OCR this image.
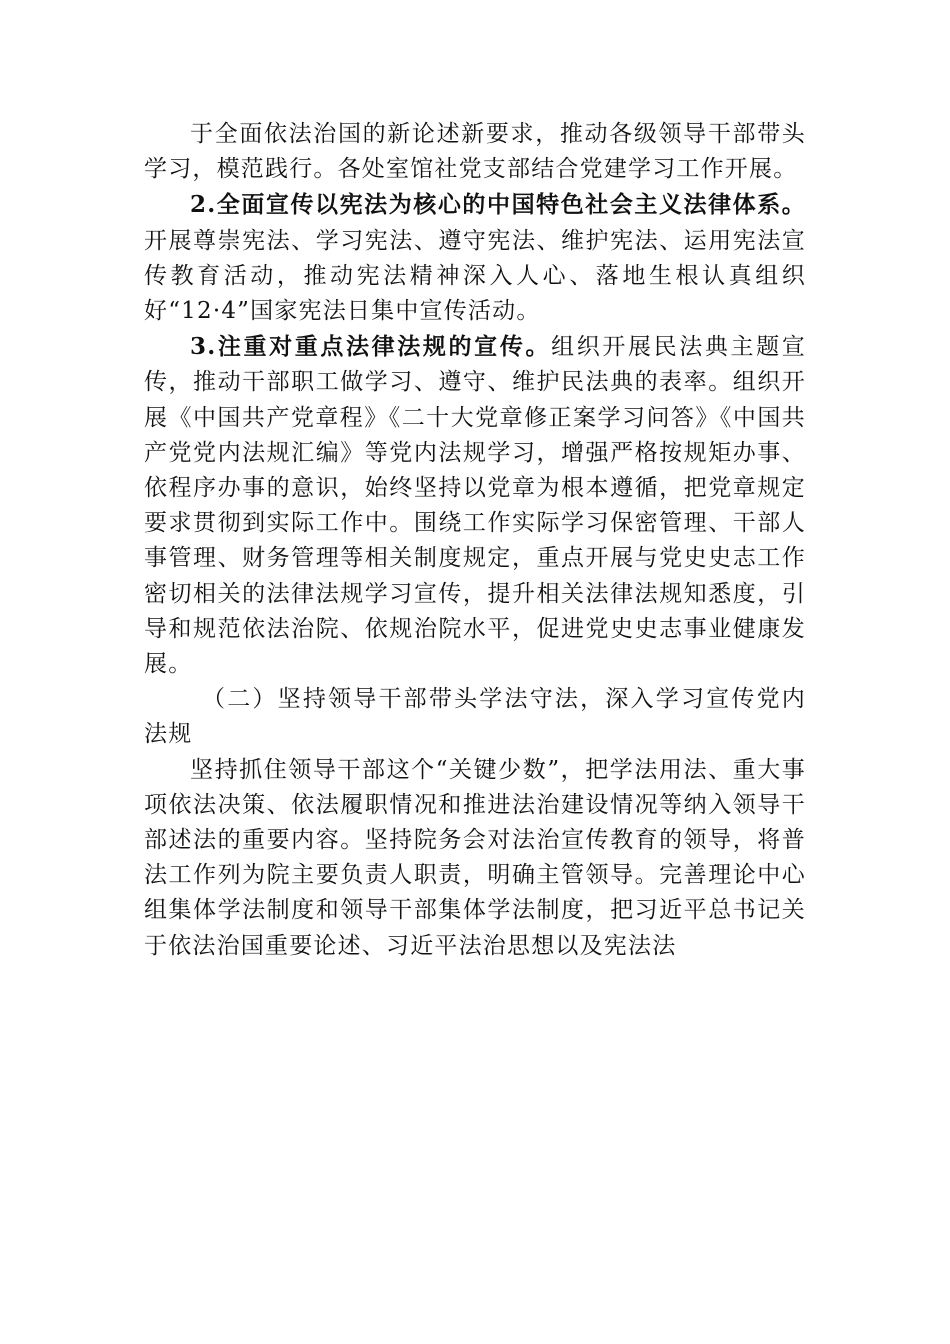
于全面依法治国的新论述新要求，推动各级领导干部带头学习，模范践行。各处室馆社党支部结合党建学习工作开展。

2.全面宣传以宪法为核心的中国特色社会主义法律体系。开展尊崇宪法、学习宪法、遵守宪法、维护宪法、运用宪法宣传教育活动，推动宪法精神深入人心、落地生根认真组织好“12·4”国家宪法日集中宣传活动。

3.注重对重点法律法规的宣传。组织开展民法典主题宣传，推动干部职工做学习、遵守、维护民法典的表率。组织开展《中国共产党章程》《二十大党章修正案学习问答》《中国共产党党内法规汇编》等党内法规学习，增强严格按规矩办事、依程序办事的意识，始终坚持以党章为根本遵循，把党章规定要求贯彻到实际工作中。围绕工作实际学习保密管理、干部人事管理、财务管理等相关制度规定，重点开展与党史史志工作密切相关的法律法规学习宣传，提升相关法律法规知悉度，引导和规范依法治院、依规治院水平，促进党史史志事业健康发展。

（二）坚持领导干部带头学法守法，深入学习宣传党内法规

坚持抓住领导干部这个“关键少数”，把学法用法、重大事项依法决策、依法履职情况和推进法治建设情况等纳入领导干部述法的重要内容。坚持院务会对法治宣传教育的领导，将普法工作列为院主要负责人职责，明确主管领导。完善理论中心组集体学法制度和领导干部集体学法制度，把习近平总书记关于依法治国重要论述、习近平法治思想以及宪法法
